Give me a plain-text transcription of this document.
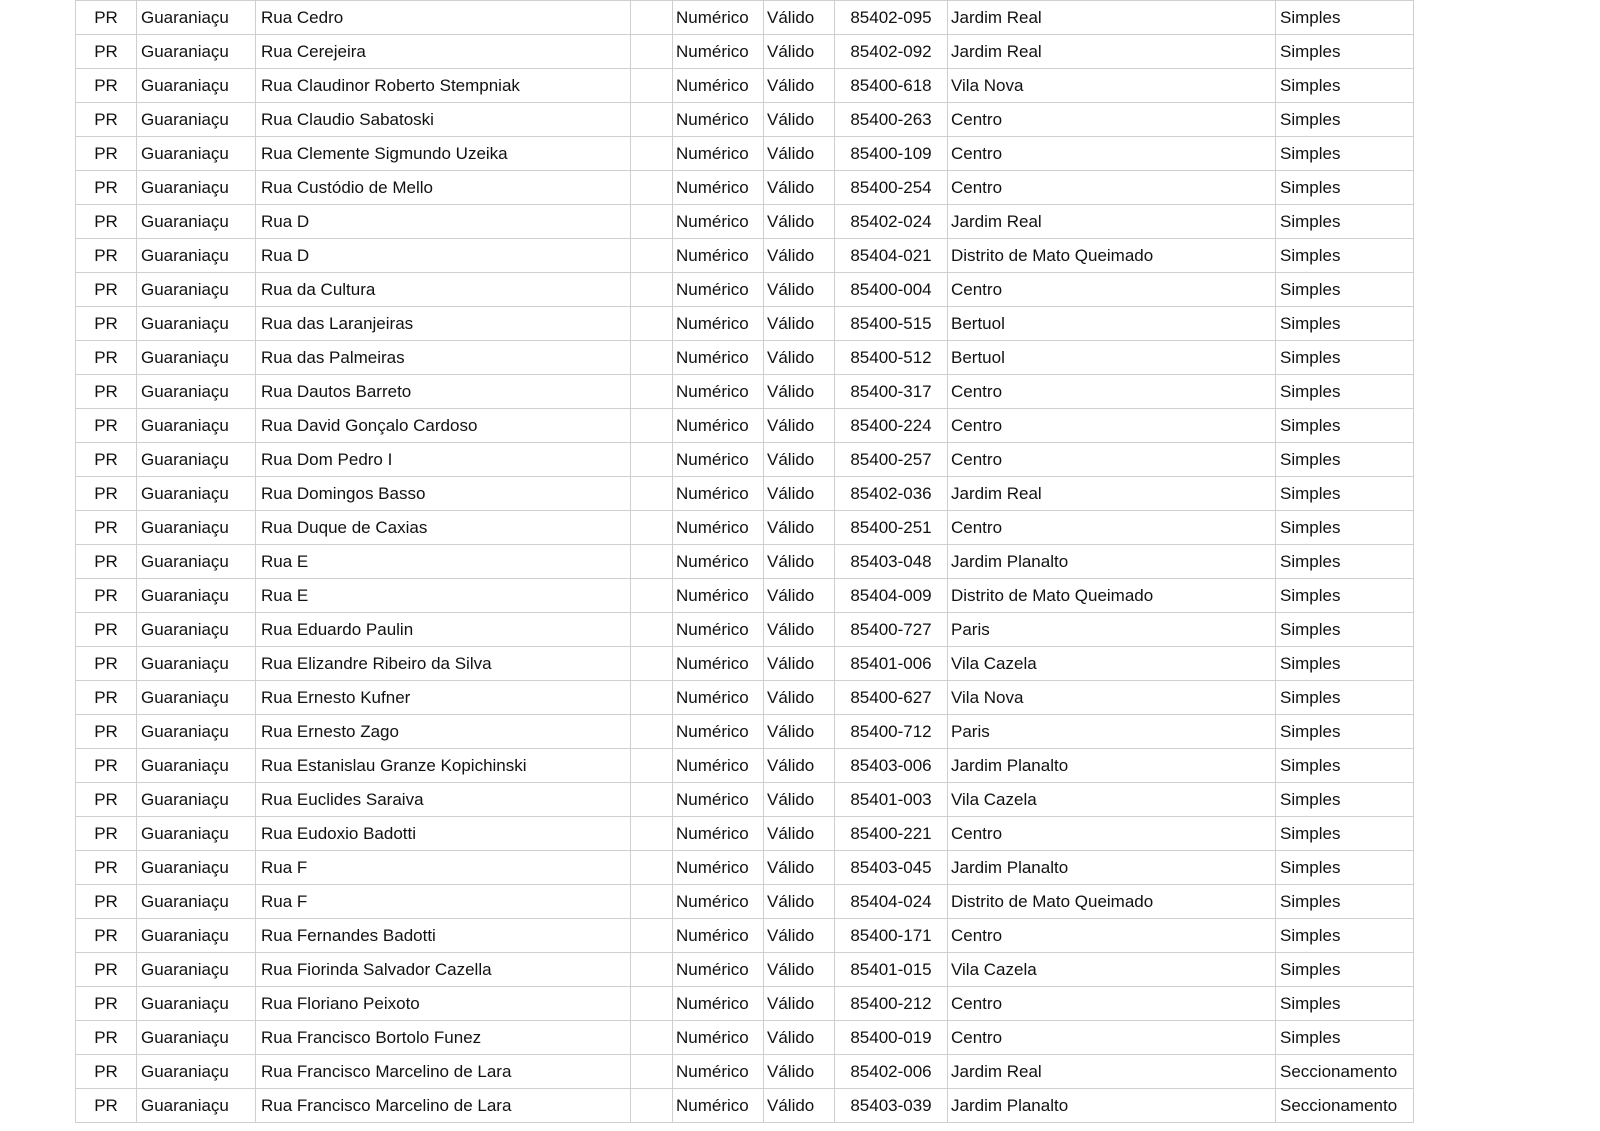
PR	Guaraniaçu	Rua Cedro		Numérico	Válido	85402-095	Jardim Real	Simples
PR	Guaraniaçu	Rua Cerejeira		Numérico	Válido	85402-092	Jardim Real	Simples
PR	Guaraniaçu	Rua Claudinor Roberto Stempniak		Numérico	Válido	85400-618	Vila Nova	Simples
PR	Guaraniaçu	Rua Claudio Sabatoski		Numérico	Válido	85400-263	Centro	Simples
PR	Guaraniaçu	Rua Clemente Sigmundo Uzeika		Numérico	Válido	85400-109	Centro	Simples
PR	Guaraniaçu	Rua Custódio de Mello		Numérico	Válido	85400-254	Centro	Simples
PR	Guaraniaçu	Rua D		Numérico	Válido	85402-024	Jardim Real	Simples
PR	Guaraniaçu	Rua D		Numérico	Válido	85404-021	Distrito de Mato Queimado	Simples
PR	Guaraniaçu	Rua da Cultura		Numérico	Válido	85400-004	Centro	Simples
PR	Guaraniaçu	Rua das Laranjeiras		Numérico	Válido	85400-515	Bertuol	Simples
PR	Guaraniaçu	Rua das Palmeiras		Numérico	Válido	85400-512	Bertuol	Simples
PR	Guaraniaçu	Rua Dautos Barreto		Numérico	Válido	85400-317	Centro	Simples
PR	Guaraniaçu	Rua David Gonçalo Cardoso		Numérico	Válido	85400-224	Centro	Simples
PR	Guaraniaçu	Rua Dom Pedro I		Numérico	Válido	85400-257	Centro	Simples
PR	Guaraniaçu	Rua Domingos Basso		Numérico	Válido	85402-036	Jardim Real	Simples
PR	Guaraniaçu	Rua Duque de Caxias		Numérico	Válido	85400-251	Centro	Simples
PR	Guaraniaçu	Rua E		Numérico	Válido	85403-048	Jardim Planalto	Simples
PR	Guaraniaçu	Rua E		Numérico	Válido	85404-009	Distrito de Mato Queimado	Simples
PR	Guaraniaçu	Rua Eduardo Paulin		Numérico	Válido	85400-727	Paris	Simples
PR	Guaraniaçu	Rua Elizandre Ribeiro da Silva		Numérico	Válido	85401-006	Vila Cazela	Simples
PR	Guaraniaçu	Rua Ernesto Kufner		Numérico	Válido	85400-627	Vila Nova	Simples
PR	Guaraniaçu	Rua Ernesto Zago		Numérico	Válido	85400-712	Paris	Simples
PR	Guaraniaçu	Rua Estanislau Granze Kopichinski		Numérico	Válido	85403-006	Jardim Planalto	Simples
PR	Guaraniaçu	Rua Euclides Saraiva		Numérico	Válido	85401-003	Vila Cazela	Simples
PR	Guaraniaçu	Rua Eudoxio Badotti		Numérico	Válido	85400-221	Centro	Simples
PR	Guaraniaçu	Rua F		Numérico	Válido	85403-045	Jardim Planalto	Simples
PR	Guaraniaçu	Rua F		Numérico	Válido	85404-024	Distrito de Mato Queimado	Simples
PR	Guaraniaçu	Rua Fernandes Badotti		Numérico	Válido	85400-171	Centro	Simples
PR	Guaraniaçu	Rua Fiorinda Salvador Cazella		Numérico	Válido	85401-015	Vila Cazela	Simples
PR	Guaraniaçu	Rua Floriano Peixoto		Numérico	Válido	85400-212	Centro	Simples
PR	Guaraniaçu	Rua Francisco Bortolo Funez		Numérico	Válido	85400-019	Centro	Simples
PR	Guaraniaçu	Rua Francisco Marcelino de Lara		Numérico	Válido	85402-006	Jardim Real	Seccionamento
PR	Guaraniaçu	Rua Francisco Marcelino de Lara		Numérico	Válido	85403-039	Jardim Planalto	Seccionamento
